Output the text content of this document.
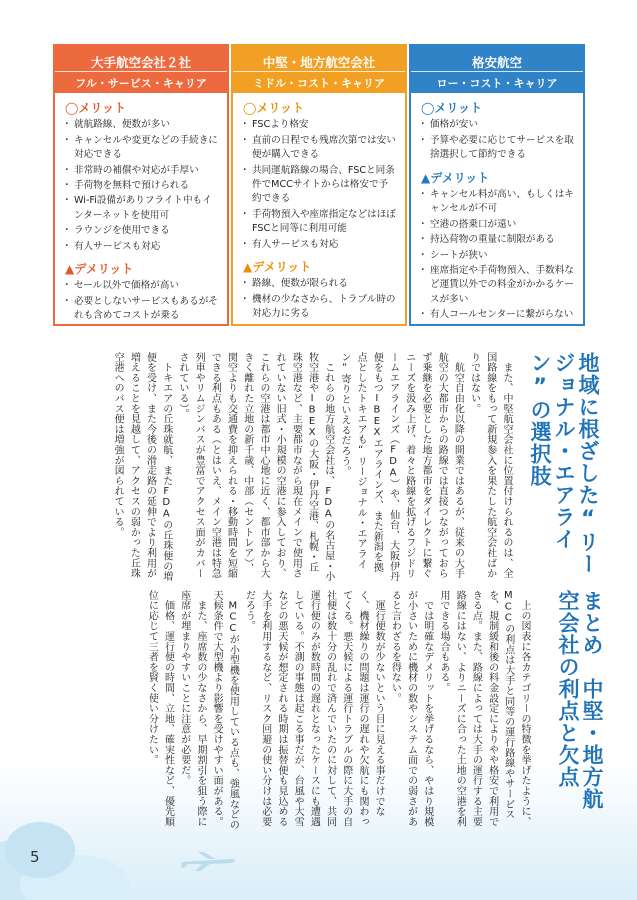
5
大手航空会社２社
フル・サービス・キャリア
◯メリット
・ 就航路線、便数が多い
・ キャンセルや変更などの手続きに対応できる
・ 非常時の補償や対応が手厚い
・ 手荷物を無料で預けられる
・ Wi-Fi設備がありフライト中もインターネットを使用可
・ ラウンジを使用できる
・ 有人サービスも対応
▲デメリット
・ セール以外で価格が高い
・ 必要としないサービスもあるがそれも含めてコストが乗る
中堅・地方航空会社
ミドル・コスト・キャリア
◯メリット
・ FSCより格安
・ 直前の日程でも残席次第では安い便が購入できる
・ 共同運航路線の場合、FSCと同条件でMCCサイトからは格安で予約できる
・ 手荷物預入や座席指定などはほぼFSCと同等に利用可能
・ 有人サービスも対応
▲デメリット
・ 路線、便数が限られる
・ 機材の少なさから、トラブル時の対応力に劣る
格安航空
ロー・コスト・キャリア
◯メリット
・ 価格が安い
・ 予算や必要に応じてサービスを取捨選択して節約できる
▲デメリット
・ キャンセル料が高い、もしくはキャンセルが不可
・ 空港の搭乗口が遠い
・ 持込荷物の重量に制限がある
・ シートが狭い
・ 座席指定や手荷物預入、手数料など運賃以外での料金がかかるケースが多い
・ 有人コールセンターに繋がらない
まとめ　中堅・地方航空会社の利点と欠点
　上の図表に各カテゴリーの特徴を挙げたように、MCCの利点は大手と同等の運行路線やサービスを、規制緩和後の料金設定によりやや格安で利用できる点。また、路線によっては大手の運行する主要路線にはない、よりニーズに合った土地の空港を利用できる場合もある。
　では明確なデメリットを挙げるなら、やはり規模が小さいために機材の数やシステム面での弱さがあると言わざるを得ない。
　運行便数が少ないという目に見える事だけでなく、機材繰りの問題は運行の遅れや欠航にも関わってくる。悪天候による運行トラブルの際に大手の自社便は数十分の乱れで済んでいたのに対して、共同運行便のみが数時間の遅れとなったケースにも遭遇している。不測の事態は起こる事だが、台風や大雪などの悪天候が想定される時期は振替便も見込める大手を利用するなど、リスク回避の使い分けは必要だろう。
　MCCが小型機を使用している点も、強風などの天候条件で大型機より影響を受けやすい面がある。
　また、座席数の少なさから、早期割引を狙う際に座席が埋まりやすいことに注意が必要だ。
　価格、運行便の時間、立地、確実性など、優先順位に応じて三者を賢く使い分けたい。
地域に根ざした“リージョナル・エアライン”の選択肢
　また、中堅航空会社に位置付けられるのは、全国路線をもって新規参入を果たした航空会社ばかりではない。
　航空自由化以降の開業ではあるが、従来の大手航空の大都市からの路線では直接つながっておらず乗継を必要とした地方都市をダイレクトに繋ぐニーズを汲み上げ、着々と路線を拡げるフジドリームエアラインズ（FDA）や、仙台、大阪伊丹便をもつIBEXエアラインズ、また新潟を拠点としたトキエアも“リージョナル・エアライン”寄りといえるだろう。
　これらの地方航空会社は、FDAの名古屋・小牧空港やIBEXの大阪・伊丹空港、札幌・丘珠空港など、主要都市ながら現在メインで使用されていない旧式・小規模の空港に参入しており、これらの空港は都市中心地に近く、都市部から大きく離れた立地の新千歳、中部（セントレア）、関空よりも交通費を抑えられる・移動時間を短縮できる利点もある（とはいえ、メイン空港は特急列車やリムジンバスが豊富でアクセス面がカバーされている）。
　トキエアの丘珠就航、またFDAの丘珠便の増便を受け、また今後の滑走路の延伸でより利用が増えることを見越して、アクセスの弱かった丘珠空港へのバス便は増強が図られている。
